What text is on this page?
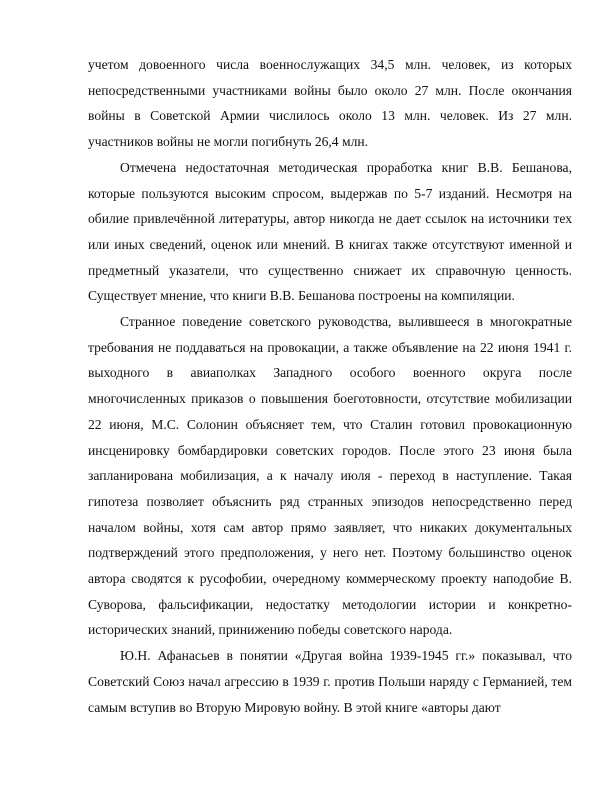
учетом довоенного числа военнослужащих 34,5 млн. человек, из которых непосредственными участниками войны было около 27 млн. После окончания войны в Советской Армии числилось около 13 млн. человек. Из 27 млн. участников войны не могли погибнуть 26,4 млн.

Отмечена недостаточная методическая проработка книг В.В. Бешанова, которые пользуются высоким спросом, выдержав по 5-7 изданий. Несмотря на обилие привлечённой литературы, автор никогда не дает ссылок на источники тех или иных сведений, оценок или мнений. В книгах также отсутствуют именной и предметный указатели, что существенно снижает их справочную ценность. Существует мнение, что книги В.В. Бешанова построены на компиляции.

Странное поведение советского руководства, вылившееся в многократные требования не поддаваться на провокации, а также объявление на 22 июня 1941 г. выходного в авиаполках Западного особого военного округа после многочисленных приказов о повышения боеготовности, отсутствие мобилизации 22 июня, М.С. Солонин объясняет тем, что Сталин готовил провокационную инсценировку бомбардировки советских городов. После этого 23 июня была запланирована мобилизация, а к началу июля - переход в наступление. Такая гипотеза позволяет объяснить ряд странных эпизодов непосредственно перед началом войны, хотя сам автор прямо заявляет, что никаких документальных подтверждений этого предположения, у него нет. Поэтому большинство оценок автора сводятся к русофобии, очередному коммерческому проекту наподобие В. Суворова, фальсификации, недостатку методологии истории и конкретно-исторических знаний, принижению победы советского народа.

Ю.Н. Афанасьев в понятии «Другая война 1939-1945 гг.» показывал, что Советский Союз начал агрессию в 1939 г. против Польши наряду с Германией, тем самым вступив во Вторую Мировую войну. В этой книге «авторы дают
